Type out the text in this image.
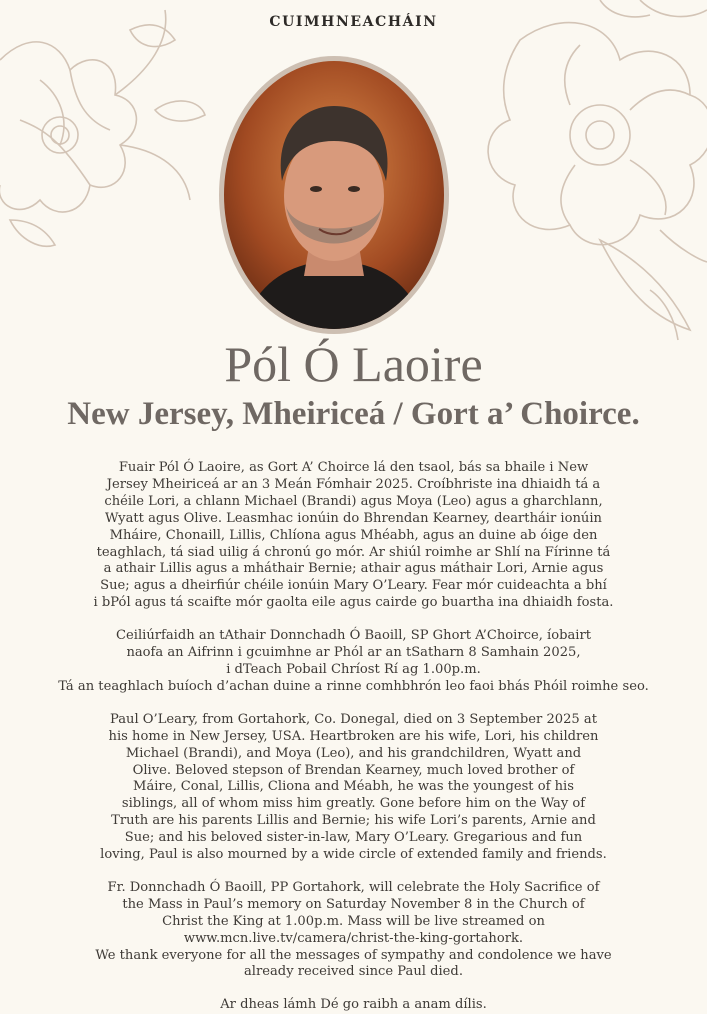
CUIMHNEACHÁIN
Pól Ó Laoire
New Jersey, Mheiriceá / Gort a’ Choirce.

Fuair Pól Ó Laoire, as Gort A’ Choirce lá den tsaol, bás sa bhaile i New
Jersey Mheiriceá ar an 3 Meán Fómhair 2025. Croíbhriste ina dhiaidh tá a
chéile Lori, a chlann Michael (Brandi) agus Moya (Leo) agus a gharchlann,
Wyatt agus Olive. Leasmhac ionúin do Bhrendan Kearney, deartháir ionúin
Mháire, Chonaill, Lillis, Chlíona agus Mhéabh, agus an duine ab óige den
teaghlach, tá siad uilig á chronú go mór. Ar shiúl roimhe ar Shlí na Fírinne tá
a athair Lillis agus a mháthair Bernie; athair agus máthair Lori, Arnie agus
Sue; agus a dheirfiúr chéile ionúin Mary O’Leary. Fear mór cuideachta a bhí
i bPól agus tá scaifte mór gaolta eile agus cairde go buartha ina dhiaidh fosta.

Ceiliúrfaidh an tAthair Donnchadh Ó Baoill, SP Ghort A’Choirce, íobairt
naofa an Aifrinn i gcuimhne ar Phól ar an tSatharn 8 Samhain 2025,
i dTeach Pobail Chríost Rí ag 1.00p.m.
Tá an teaghlach buíoch d’achan duine a rinne comhbhrón leo faoi bhás Phóil roimhe seo.

Paul O’Leary, from Gortahork, Co. Donegal, died on 3 September 2025 at
his home in New Jersey, USA. Heartbroken are his wife, Lori, his children
Michael (Brandi), and Moya (Leo), and his grandchildren, Wyatt and
Olive. Beloved stepson of Brendan Kearney, much loved brother of
Máire, Conal, Lillis, Cliona and Méabh, he was the youngest of his
siblings, all of whom miss him greatly. Gone before him on the Way of
Truth are his parents Lillis and Bernie; his wife Lori’s parents, Arnie and
Sue; and his beloved sister-in-law, Mary O’Leary. Gregarious and fun
loving, Paul is also mourned by a wide circle of extended family and friends.

Fr. Donnchadh Ó Baoill, PP Gortahork, will celebrate the Holy Sacrifice of
the Mass in Paul’s memory on Saturday November 8 in the Church of
Christ the King at 1.00p.m. Mass will be live streamed on
www.mcn.live.tv/camera/christ-the-king-gortahork.
We thank everyone for all the messages of sympathy and condolence we have
already received since Paul died.

Ar dheas lámh Dé go raibh a anam dílis.
